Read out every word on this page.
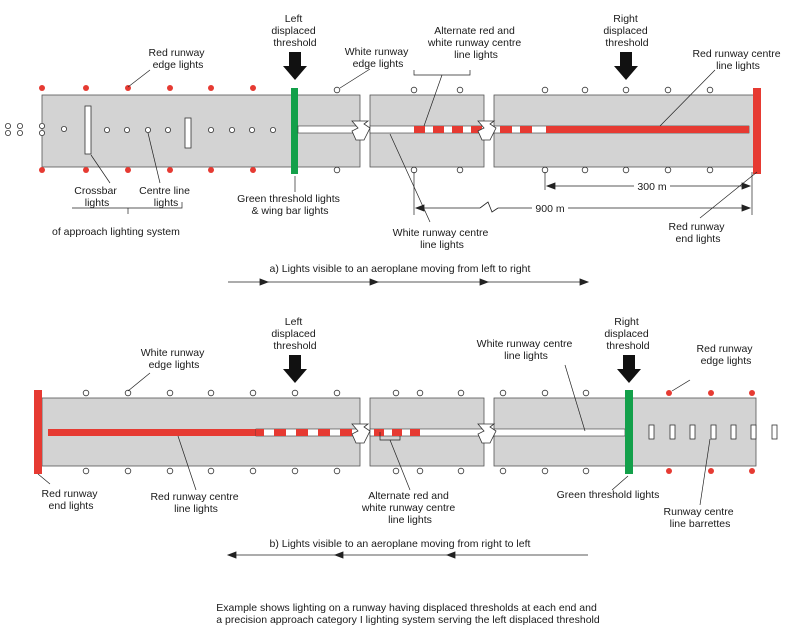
Left displaced threshold
Right displaced threshold
Red runway edge lights
White runway edge lights
Alternate red and white runway centre line lights	Red runway centre line lights
Crossbar lights
Centre line lights
of approach lighting system
Green threshold lights & wing bar lights
White runway centre line lights
Red runway end lights
300 m
900 m
a) Lights visible to an aeroplane moving from left to right
Left displaced threshold
Right displaced threshold
White runway edge lights
White runway centre line lights
Red runway edge lights
Red runway end lights
Red runway centre line lights
Alternate red and white runway centre line lights
Green threshold lights
Runway centre line barrettes
b) Lights visible to an aeroplane moving from right to left
Example shows lighting on a runway having displaced thresholds at each end and a precision approach category I lighting system serving the left displaced threshold
